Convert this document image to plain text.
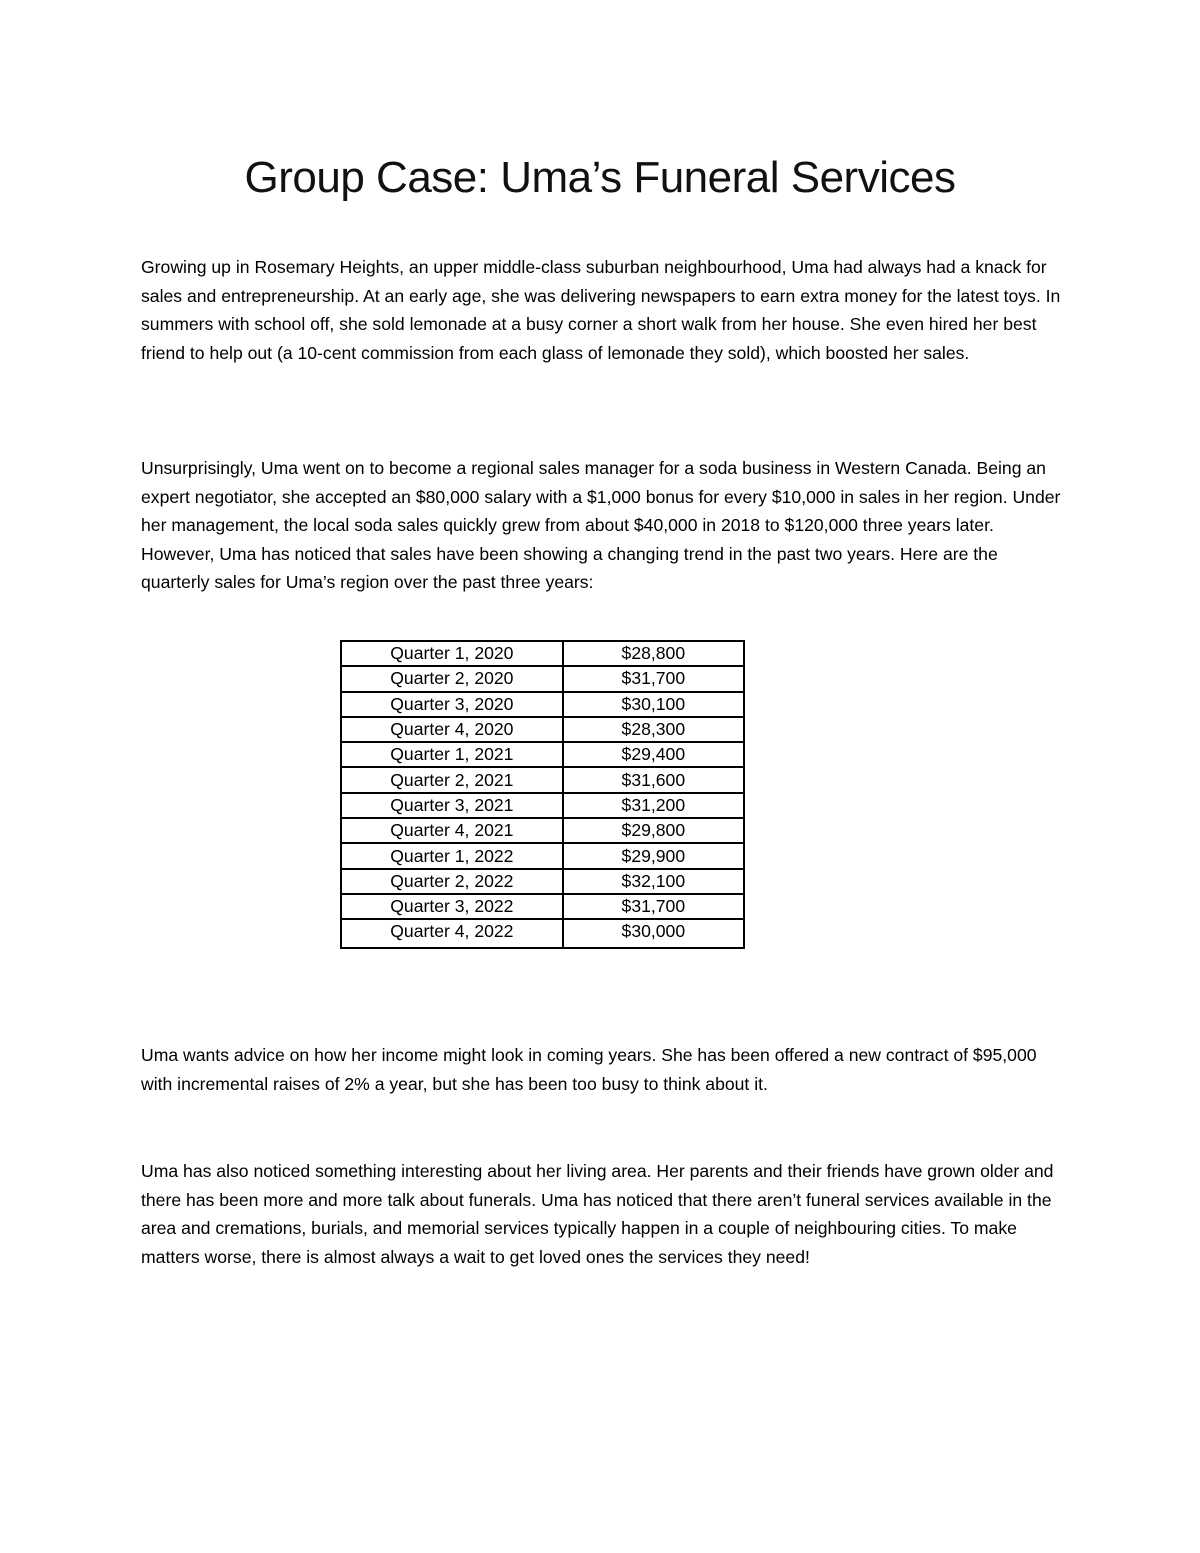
Group Case: Uma’s Funeral Services

Growing up in Rosemary Heights, an upper middle-class suburban neighbourhood, Uma had always had a knack for sales and entrepreneurship. At an early age, she was delivering newspapers to earn extra money for the latest toys. In summers with school off, she sold lemonade at a busy corner a short walk from her house. She even hired her best friend to help out (a 10-cent commission from each glass of lemonade they sold), which boosted her sales.

Unsurprisingly, Uma went on to become a regional sales manager for a soda business in Western Canada. Being an expert negotiator, she accepted an $80,000 salary with a $1,000 bonus for every $10,000 in sales in her region. Under her management, the local soda sales quickly grew from about $40,000 in 2018 to $120,000 three years later. However, Uma has noticed that sales have been showing a changing trend in the past two years. Here are the quarterly sales for Uma’s region over the past three years:

Quarter 1, 2020	$28,800
Quarter 2, 2020	$31,700
Quarter 3, 2020	$30,100
Quarter 4, 2020	$28,300
Quarter 1, 2021	$29,400
Quarter 2, 2021	$31,600
Quarter 3, 2021	$31,200
Quarter 4, 2021	$29,800
Quarter 1, 2022	$29,900
Quarter 2, 2022	$32,100
Quarter 3, 2022	$31,700
Quarter 4, 2022	$30,000

Uma wants advice on how her income might look in coming years. She has been offered a new contract of $95,000 with incremental raises of 2% a year, but she has been too busy to think about it.

Uma has also noticed something interesting about her living area. Her parents and their friends have grown older and there has been more and more talk about funerals. Uma has noticed that there aren’t funeral services available in the area and cremations, burials, and memorial services typically happen in a couple of neighbouring cities. To make matters worse, there is almost always a wait to get loved ones the services they need!
